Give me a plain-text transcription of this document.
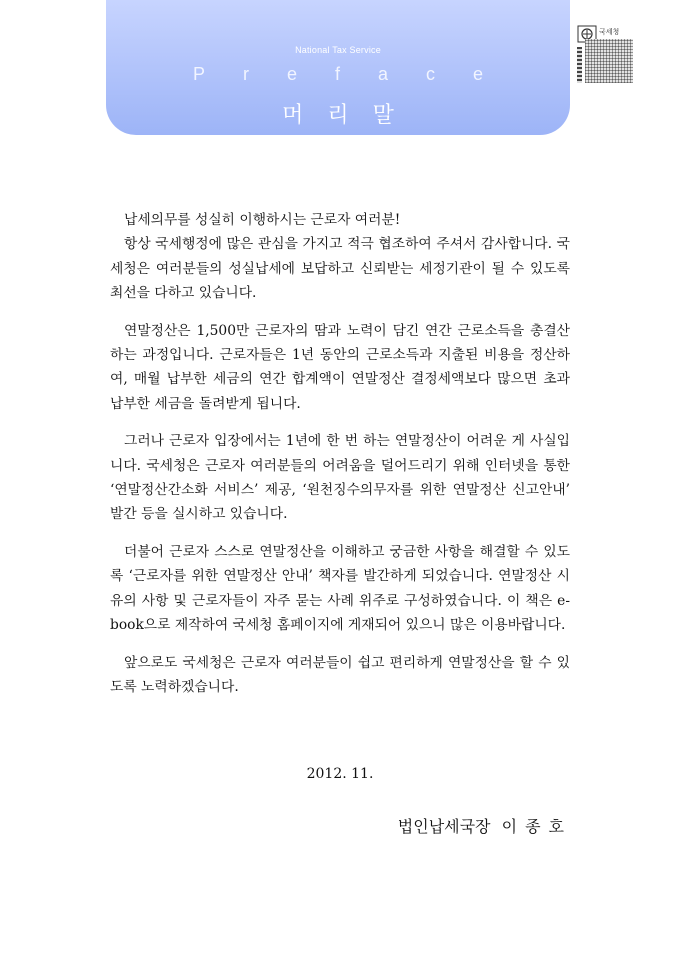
National Tax Service
Preface
머리말
국세청

납세의무를 성실히 이행하시는 근로자 여러분!

항상 국세행정에 많은 관심을 가지고 적극 협조하여 주셔서 감사합니다. 국세청은 여러분들의 성실납세에 보답하고 신뢰받는 세정기관이 될 수 있도록 최선을 다하고 있습니다.

연말정산은 1,500만 근로자의 땀과 노력이 담긴 연간 근로소득을 총결산하는 과정입니다. 근로자들은 1년 동안의 근로소득과 지출된 비용을 정산하여, 매월 납부한 세금의 연간 합계액이 연말정산 결정세액보다 많으면 초과 납부한 세금을 돌려받게 됩니다.

그러나 근로자 입장에서는 1년에 한 번 하는 연말정산이 어려운 게 사실입니다. 국세청은 근로자 여러분들의 어려움을 덜어드리기 위해 인터넷을 통한 ‘연말정산간소화 서비스’ 제공, ‘원천징수의무자를 위한 연말정산 신고안내’ 발간 등을 실시하고 있습니다.

더불어 근로자 스스로 연말정산을 이해하고 궁금한 사항을 해결할 수 있도록 ‘근로자를 위한 연말정산 안내’ 책자를 발간하게 되었습니다. 연말정산 시 유의 사항 및 근로자들이 자주 묻는 사례 위주로 구성하였습니다. 이 책은 e-book으로 제작하여 국세청 홈페이지에 게재되어 있으니 많은 이용바랍니다.

앞으로도 국세청은 근로자 여러분들이 쉽고 편리하게 연말정산을 할 수 있도록 노력하겠습니다.

2012. 11.
법인납세국장 이종호
